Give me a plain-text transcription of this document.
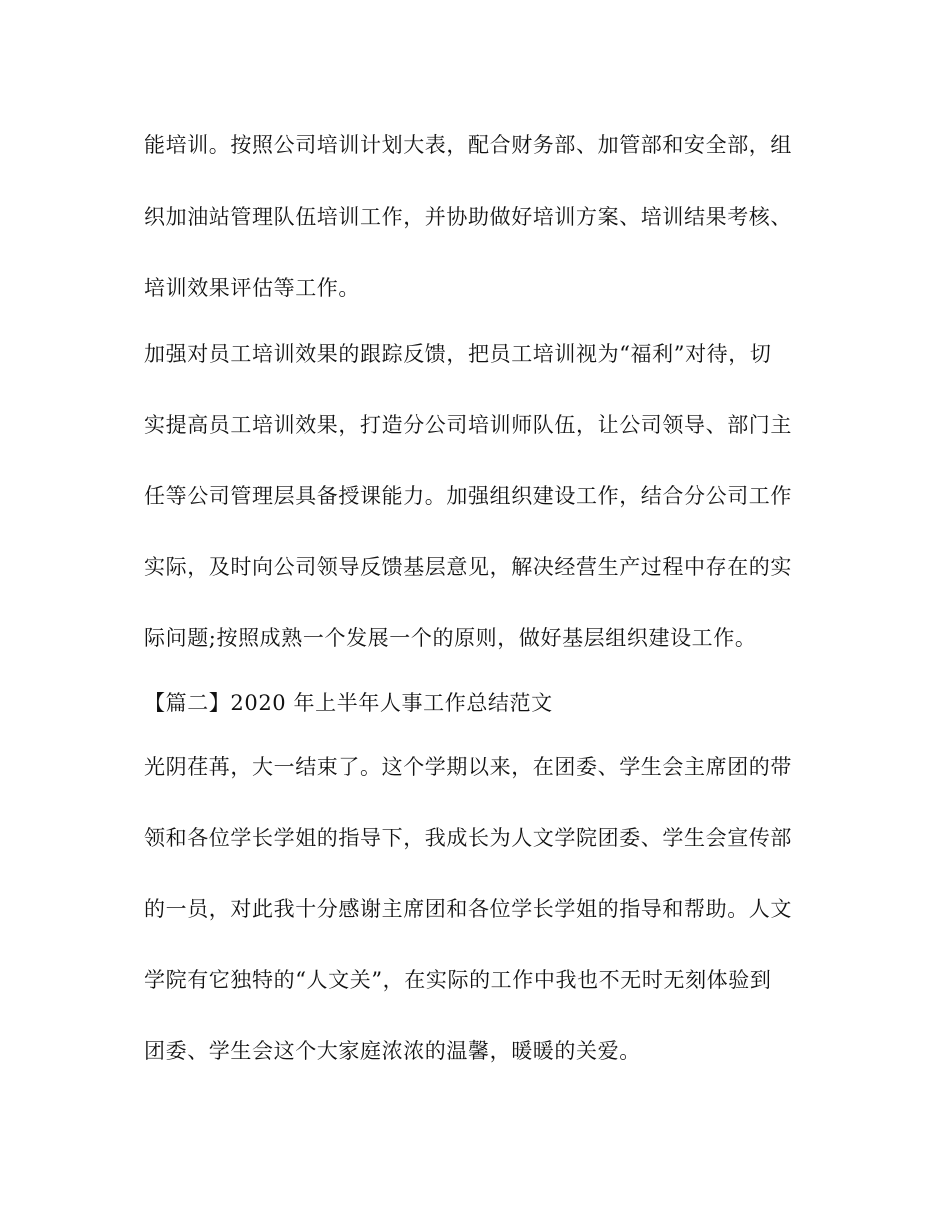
能培训。按照公司培训计划大表，配合财务部、加管部和安全部，组
织加油站管理队伍培训工作，并协助做好培训方案、培训结果考核、
培训效果评估等工作。
加强对员工培训效果的跟踪反馈，把员工培训视为“福利”对待，切
实提高员工培训效果，打造分公司培训师队伍，让公司领导、部门主
任等公司管理层具备授课能力。加强组织建设工作，结合分公司工作
实际，及时向公司领导反馈基层意见，解决经营生产过程中存在的实
际问题;按照成熟一个发展一个的原则，做好基层组织建设工作。
【篇二】2020 年上半年人事工作总结范文
光阴荏苒，大一结束了。这个学期以来，在团委、学生会主席团的带
领和各位学长学姐的指导下，我成长为人文学院团委、学生会宣传部
的一员，对此我十分感谢主席团和各位学长学姐的指导和帮助。人文
学院有它独特的“人文关”，在实际的工作中我也不无时无刻体验到
团委、学生会这个大家庭浓浓的温馨，暖暖的关爱。
